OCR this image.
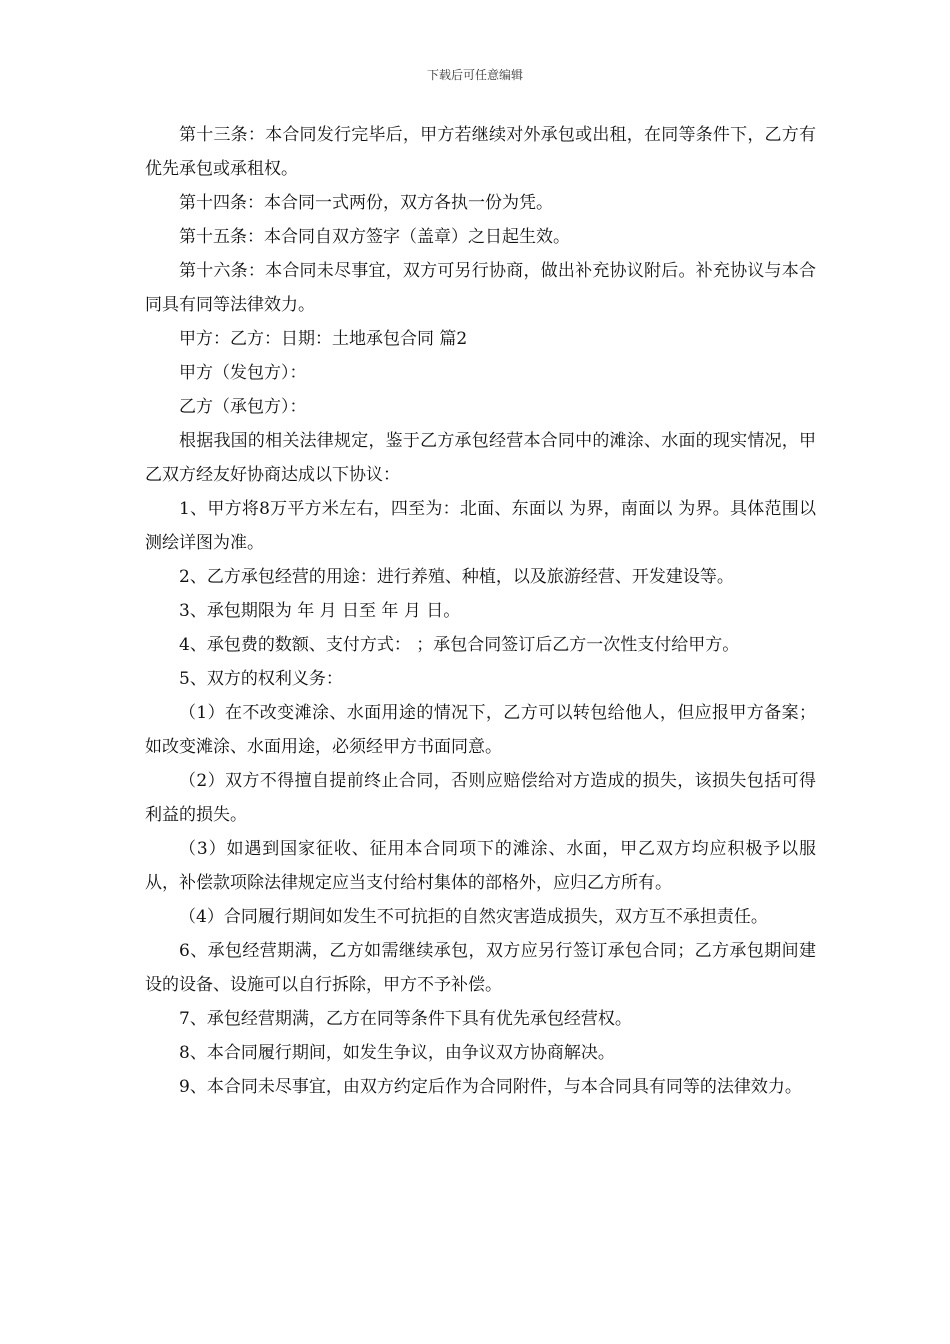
下载后可任意编辑

第十三条：本合同发行完毕后，甲方若继续对外承包或出租，在同等条件下，乙方有优先承包或承租权。

第十四条：本合同一式两份，双方各执一份为凭。

第十五条：本合同自双方签字（盖章）之日起生效。

第十六条：本合同未尽事宜，双方可另行协商，做出补充协议附后。补充协议与本合同具有同等法律效力。

甲方：乙方：日期：土地承包合同 篇2

甲方（发包方）：

乙方（承包方）：

根据我国的相关法律规定，鉴于乙方承包经营本合同中的滩涂、水面的现实情况，甲乙双方经友好协商达成以下协议：

1、甲方将8万平方米左右，四至为：北面、东面以 为界，南面以 为界。具体范围以测绘详图为准。

2、乙方承包经营的用途：进行养殖、种植，以及旅游经营、开发建设等。

3、承包期限为 年 月 日至 年 月 日。

4、承包费的数额、支付方式： ；承包合同签订后乙方一次性支付给甲方。

5、双方的权利义务：

（1）在不改变滩涂、水面用途的情况下，乙方可以转包给他人，但应报甲方备案；如改变滩涂、水面用途，必须经甲方书面同意。

（2）双方不得擅自提前终止合同，否则应赔偿给对方造成的损失，该损失包括可得利益的损失。

（3）如遇到国家征收、征用本合同项下的滩涂、水面，甲乙双方均应积极予以服从，补偿款项除法律规定应当支付给村集体的部格外，应归乙方所有。

（4）合同履行期间如发生不可抗拒的自然灾害造成损失，双方互不承担责任。

6、承包经营期满，乙方如需继续承包，双方应另行签订承包合同；乙方承包期间建设的设备、设施可以自行拆除，甲方不予补偿。

7、承包经营期满，乙方在同等条件下具有优先承包经营权。

8、本合同履行期间，如发生争议，由争议双方协商解决。

9、本合同未尽事宜，由双方约定后作为合同附件，与本合同具有同等的法律效力。
